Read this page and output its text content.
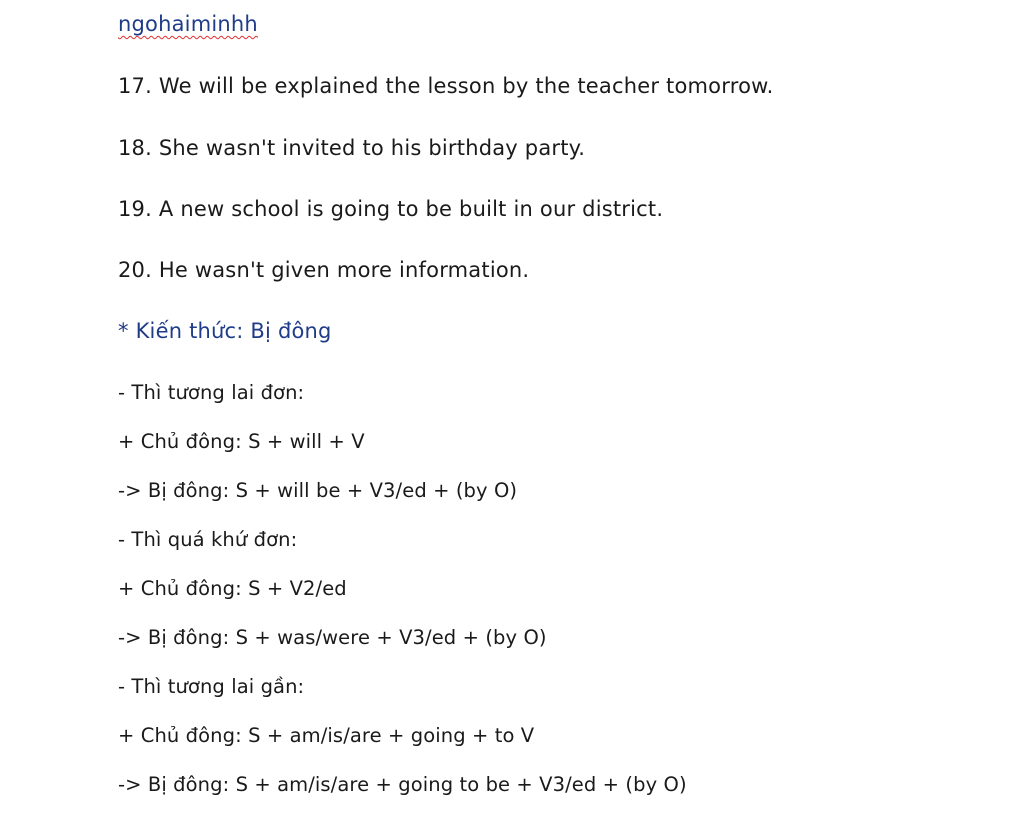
ngohaiminhh
17. We will be explained the lesson by the teacher tomorrow.
18. She wasn't invited to his birthday party.
19. A new school is going to be built in our district.
20. He wasn't given more information.
* Kiến thức: Bị đông
- Thì tương lai đơn:
+ Chủ đông: S + will + V
-> Bị đông: S + will be + V3/ed + (by O)
- Thì quá khứ đơn:
+ Chủ đông: S + V2/ed
-> Bị đông: S + was/were + V3/ed + (by O)
- Thì tương lai gần:
+ Chủ đông: S + am/is/are + going + to V
-> Bị đông: S + am/is/are + going to be + V3/ed + (by O)
